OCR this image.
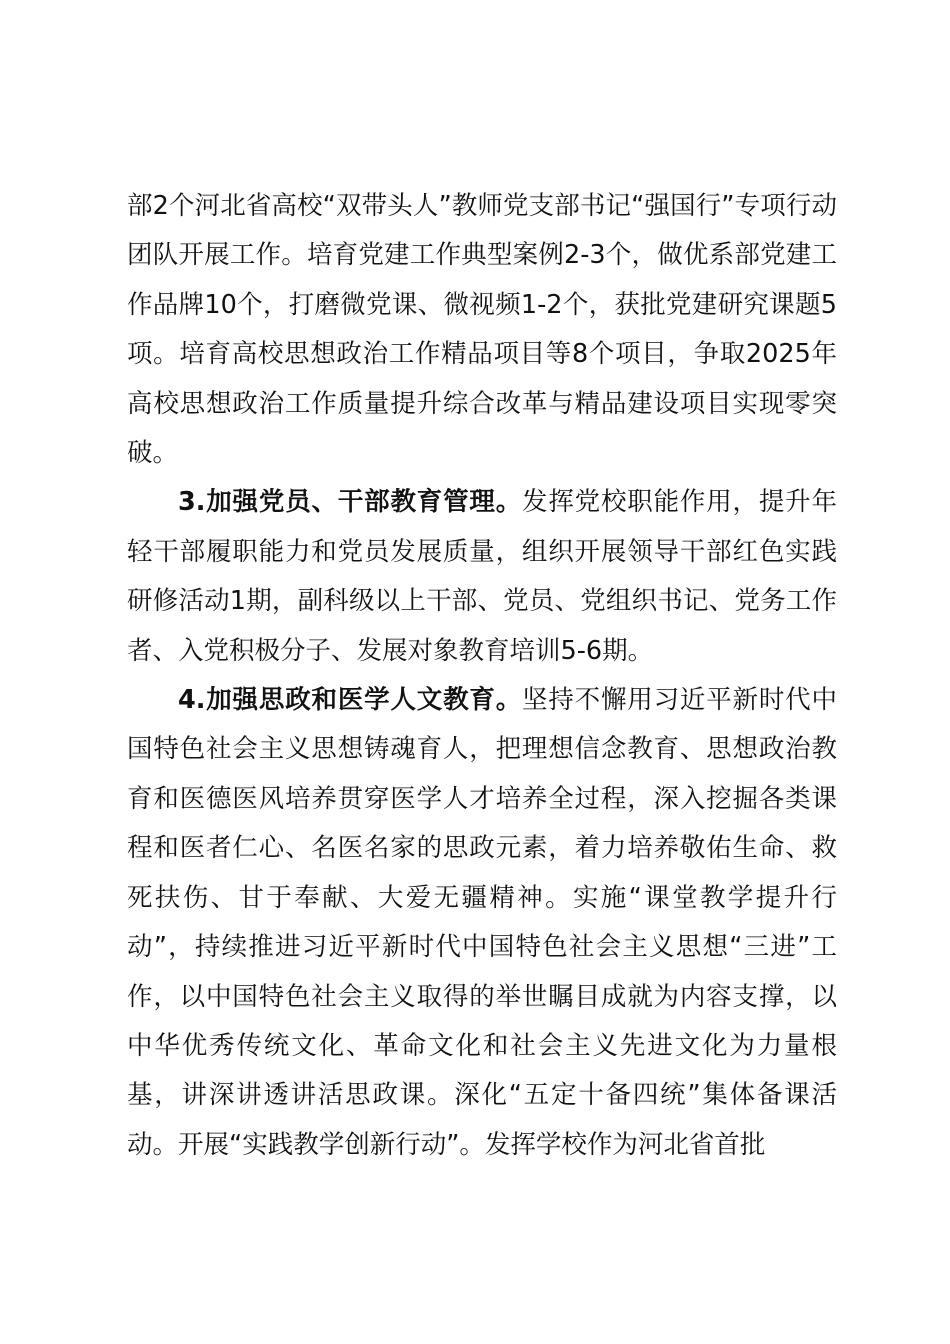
部2个河北省高校“双带头人”教师党支部书记“强国行”专项行动团队开展工作。培育党建工作典型案例2-3个，做优系部党建工作品牌10个，打磨微党课、微视频1-2个，获批党建研究课题5项。培育高校思想政治工作精品项目等8个项目，争取2025年高校思想政治工作质量提升综合改革与精品建设项目实现零突破。

3.加强党员、干部教育管理。发挥党校职能作用，提升年轻干部履职能力和党员发展质量，组织开展领导干部红色实践研修活动1期，副科级以上干部、党员、党组织书记、党务工作者、入党积极分子、发展对象教育培训5-6期。

4.加强思政和医学人文教育。坚持不懈用习近平新时代中国特色社会主义思想铸魂育人，把理想信念教育、思想政治教育和医德医风培养贯穿医学人才培养全过程，深入挖掘各类课程和医者仁心、名医名家的思政元素，着力培养敬佑生命、救死扶伤、甘于奉献、大爱无疆精神。实施“课堂教学提升行动”，持续推进习近平新时代中国特色社会主义思想“三进”工作，以中国特色社会主义取得的举世瞩目成就为内容支撑，以中华优秀传统文化、革命文化和社会主义先进文化为力量根基，讲深讲透讲活思政课。深化“五定十备四统”集体备课活动。开展“实践教学创新行动”。发挥学校作为河北省首批
